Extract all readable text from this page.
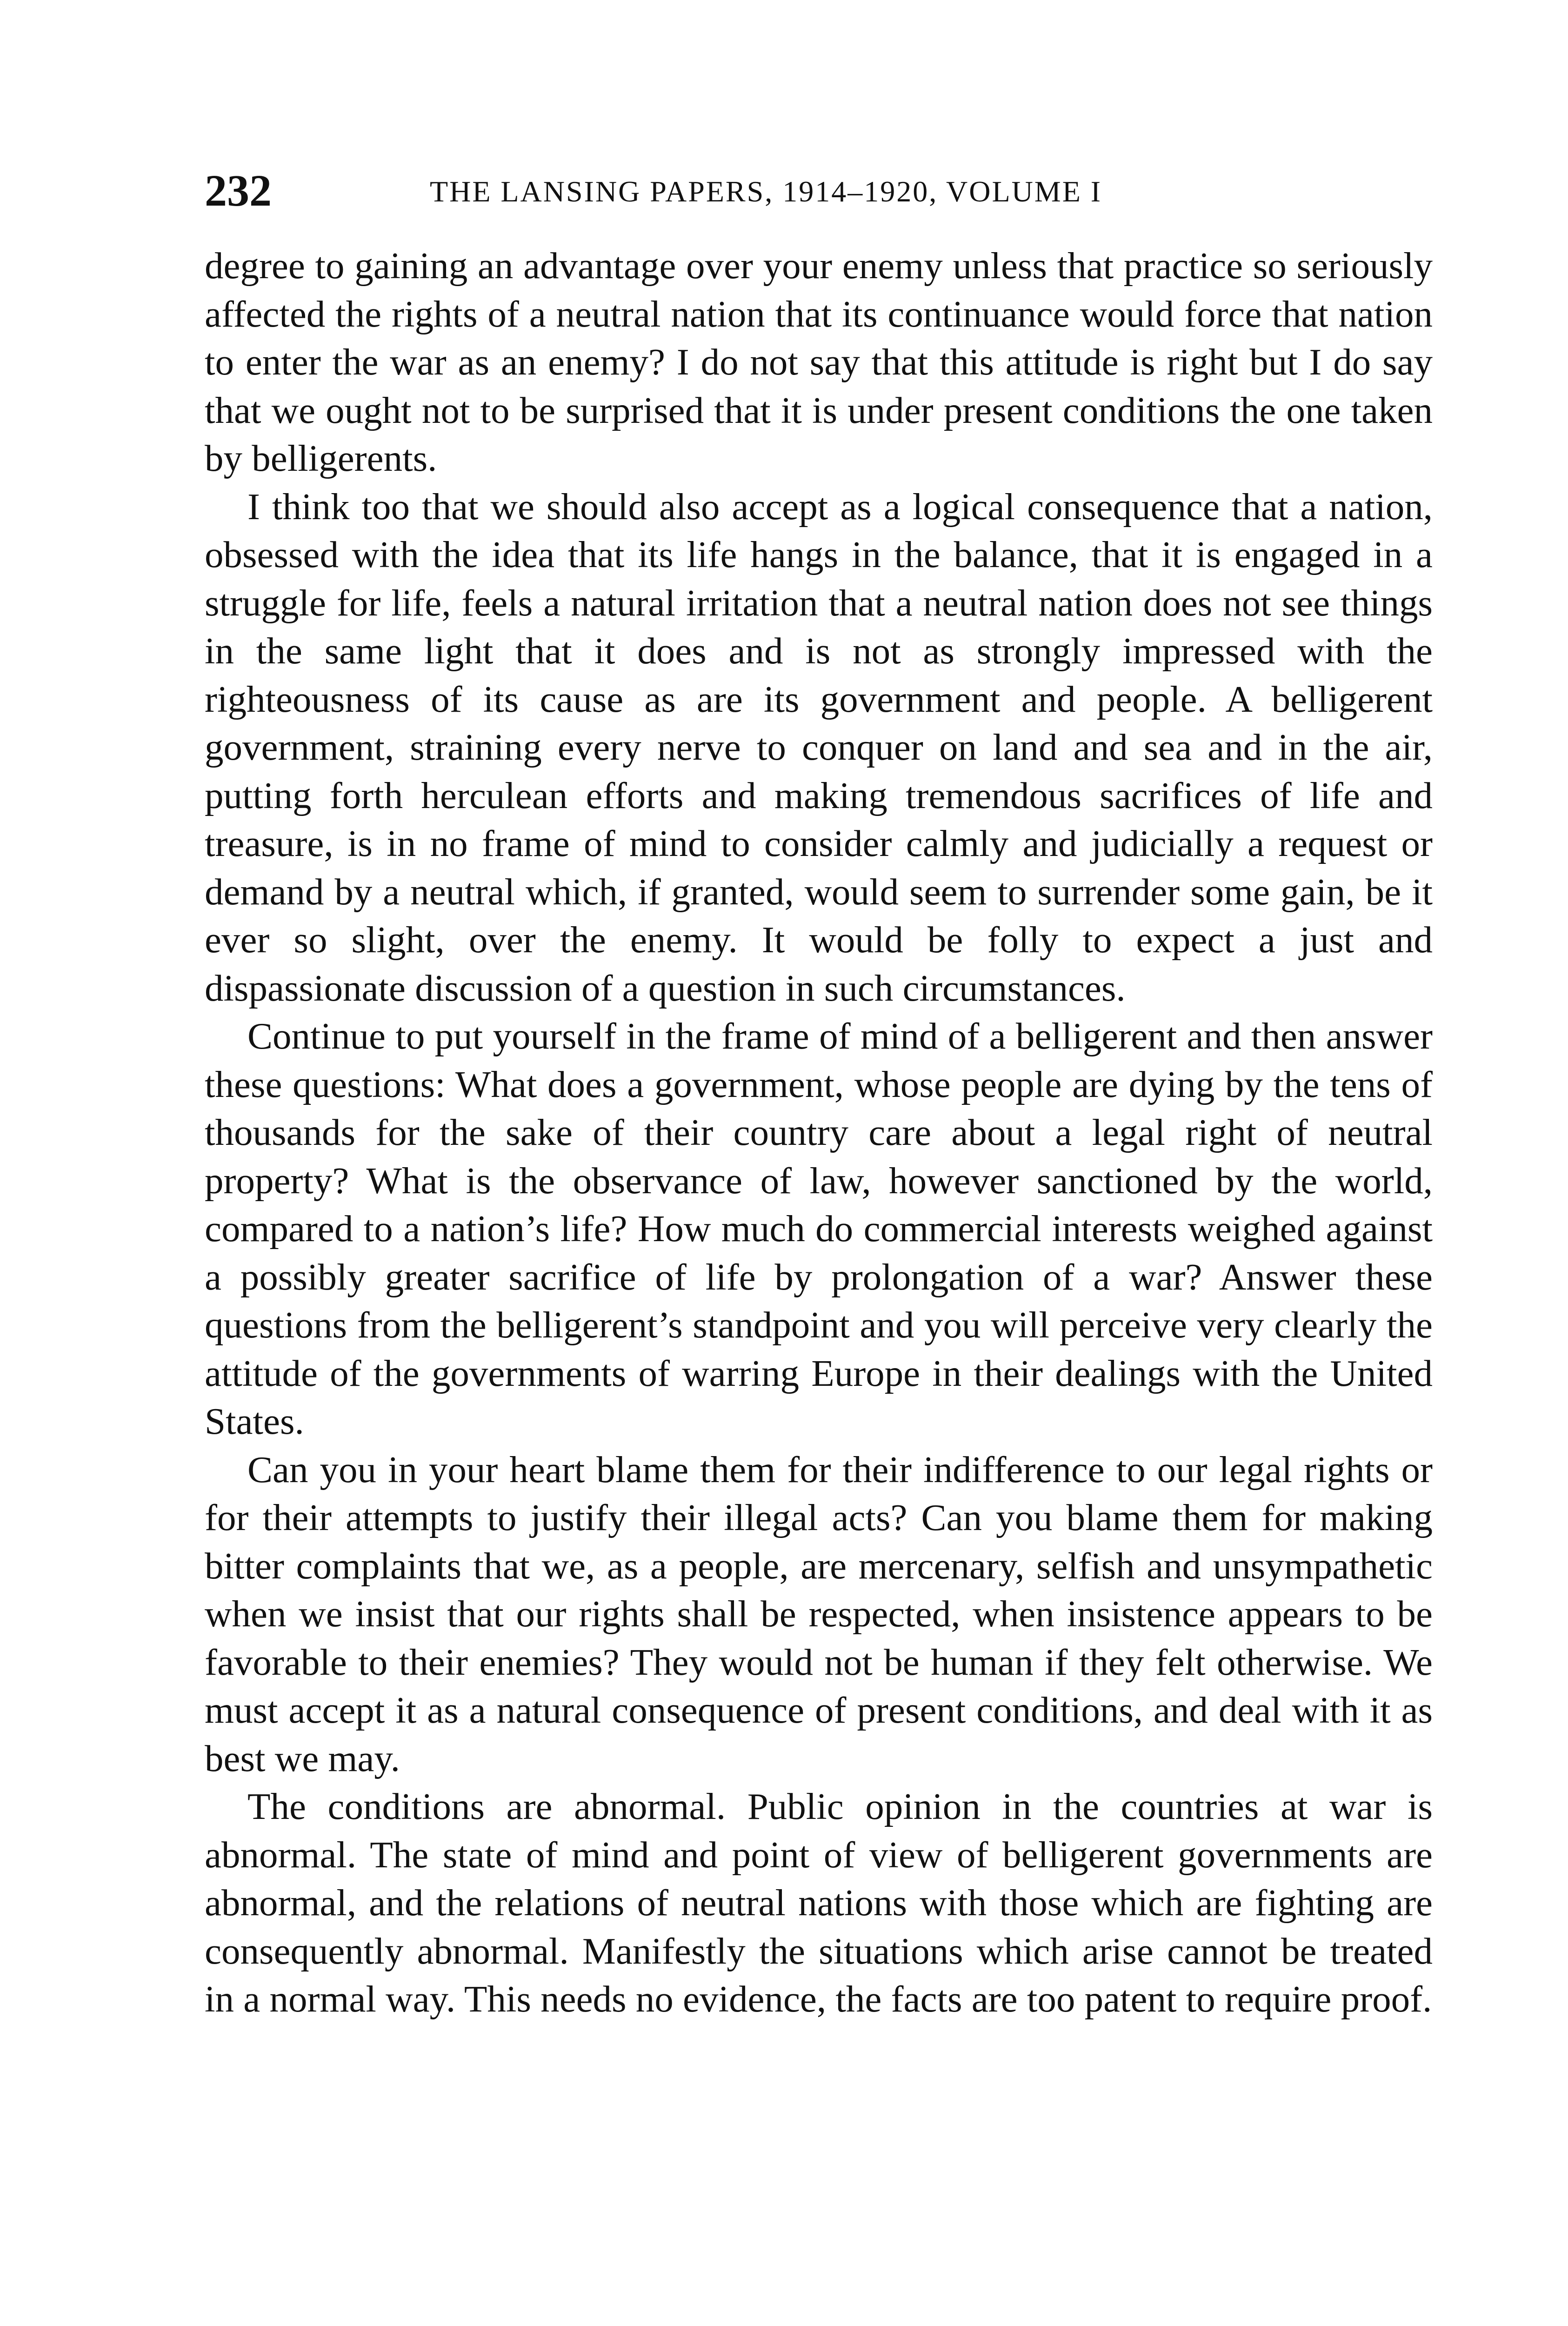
232	THE LANSING PAPERS, 1914–1920, VOLUME I

degree to gaining an advantage over your enemy unless that practice so seriously affected the rights of a neutral nation that its continuance would force that nation to enter the war as an enemy? I do not say that this attitude is right but I do say that we ought not to be surprised that it is under present conditions the one taken by belligerents.

I think too that we should also accept as a logical consequence that a nation, obsessed with the idea that its life hangs in the balance, that it is engaged in a struggle for life, feels a natural irritation that a neutral nation does not see things in the same light that it does and is not as strongly impressed with the righteousness of its cause as are its government and people. A belligerent government, straining every nerve to conquer on land and sea and in the air, putting forth herculean efforts and making tremendous sacrifices of life and treasure, is in no frame of mind to consider calmly and judicially a request or demand by a neutral which, if granted, would seem to surrender some gain, be it ever so slight, over the enemy. It would be folly to expect a just and dispassionate discussion of a question in such circumstances.

Continue to put yourself in the frame of mind of a belligerent and then answer these questions: What does a government, whose people are dying by the tens of thousands for the sake of their country care about a legal right of neutral property? What is the observance of law, however sanctioned by the world, compared to a nation’s life? How much do commercial interests weighed against a possibly greater sacrifice of life by prolongation of a war? Answer these questions from the belligerent’s standpoint and you will perceive very clearly the attitude of the governments of warring Europe in their dealings with the United States.

Can you in your heart blame them for their indifference to our legal rights or for their attempts to justify their illegal acts? Can you blame them for making bitter complaints that we, as a people, are mercenary, selfish and unsympathetic when we insist that our rights shall be respected, when insistence appears to be favorable to their enemies? They would not be human if they felt otherwise. We must accept it as a natural consequence of present conditions, and deal with it as best we may.

The conditions are abnormal. Public opinion in the countries at war is abnormal. The state of mind and point of view of belligerent governments are abnormal, and the relations of neutral nations with those which are fighting are consequently abnormal. Manifestly the situations which arise cannot be treated in a normal way. This needs no evidence, the facts are too patent to require proof.
